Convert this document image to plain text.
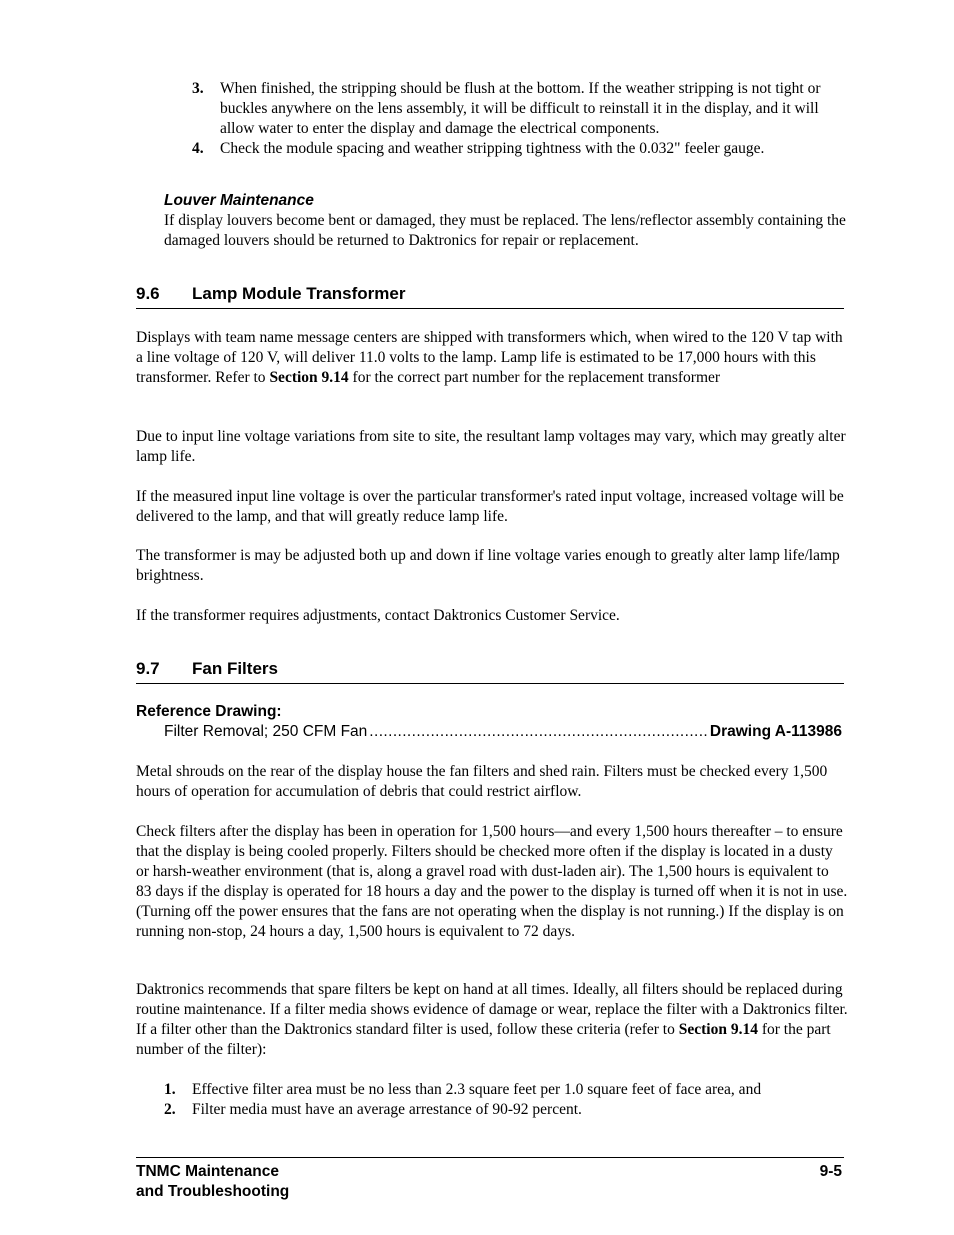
3.	When finished, the stripping should be flush at the bottom. If the weather stripping is not tight or buckles anywhere on the lens assembly, it will be difficult to reinstall it in the display, and it will allow water to enter the display and damage the electrical components.
4.	Check the module spacing and weather stripping tightness with the 0.032" feeler gauge.
Louver Maintenance

If display louvers become bent or damaged, they must be replaced. The lens/reflector assembly containing the damaged louvers should be returned to Daktronics for repair or replacement.

9.6 Lamp Module Transformer

Displays with team name message centers are shipped with transformers which, when wired to the 120 V tap with a line voltage of 120 V, will deliver 11.0 volts to the lamp. Lamp life is estimated to be 17,000 hours with this transformer. Refer to Section 9.14 for the correct part number for the replacement transformer

Due to input line voltage variations from site to site, the resultant lamp voltages may vary, which may greatly alter lamp life.

If the measured input line voltage is over the particular transformer's rated input voltage, increased voltage will be delivered to the lamp, and that will greatly reduce lamp life.

The transformer is may be adjusted both up and down if line voltage varies enough to greatly alter lamp life/lamp brightness.

If the transformer requires adjustments, contact Daktronics Customer Service.

9.7 Fan Filters
Reference Drawing:
Filter Removal; 250 CFM Fan
.....	Drawing A-113986

Metal shrouds on the rear of the display house the fan filters and shed rain. Filters must be checked every 1,500 hours of operation for accumulation of debris that could restrict airflow.

Check filters after the display has been in operation for 1,500 hours—and every 1,500 hours thereafter – to ensure that the display is being cooled properly. Filters should be checked more often if the display is located in a dusty or harsh-weather environment (that is, along a gravel road with dust-laden air). The 1,500 hours is equivalent to 83 days if the display is operated for 18 hours a day and the power to the display is turned off when it is not in use. (Turning off the power ensures that the fans are not operating when the display is not running.) If the display is on running non-stop, 24 hours a day, 1,500 hours is equivalent to 72 days.

Daktronics recommends that spare filters be kept on hand at all times. Ideally, all filters should be replaced during routine maintenance. If a filter media shows evidence of damage or wear, replace the filter with a Daktronics filter. If a filter other than the Daktronics standard filter is used, follow these criteria (refer to Section 9.14 for the part number of the filter):

1.	Effective filter area must be no less than 2.3 square feet per 1.0 square feet of face area, and
2.	Filter media must have an average arrestance of 90-92 percent.
TNMC Maintenance
and Troubleshooting
9-5
